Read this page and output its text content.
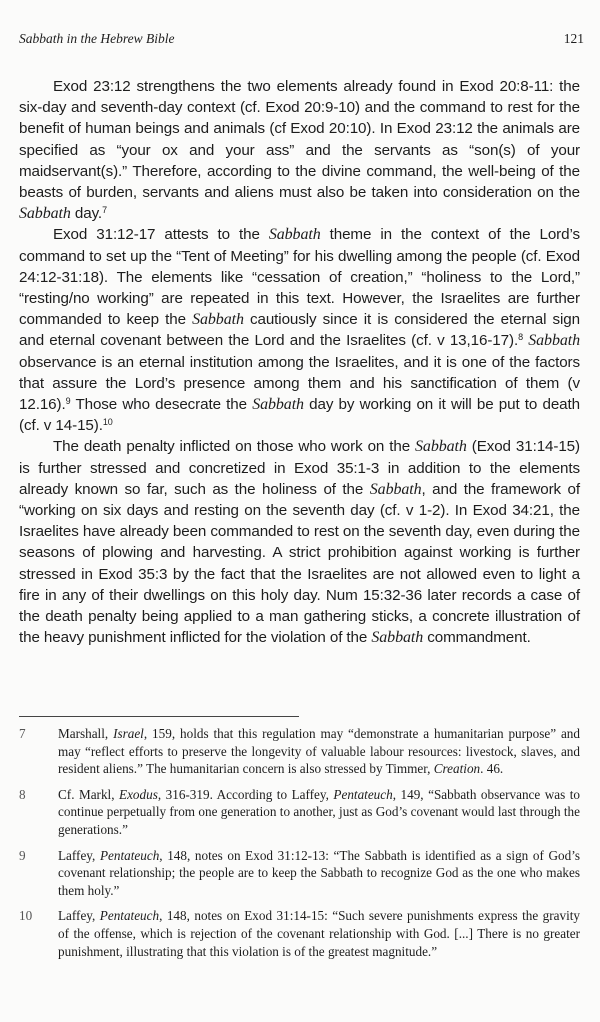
Sabbath in the Hebrew Bible	121

Exod 23:12 strengthens the two elements already found in Exod 20:8-11: the six-day and seventh-day context (cf. Exod 20:9-10) and the command to rest for the benefit of human beings and animals (cf Exod 20:10). In Exod 23:12 the animals are specified as “your ox and your ass” and the servants as “son(s) of your maidservant(s).” Therefore, according to the divine command, the well-being of the beasts of burden, servants and aliens must also be taken into consideration on the Sabbath day.$^7$

Exod 31:12-17 attests to the Sabbath theme in the context of the Lord’s command to set up the “Tent of Meeting” for his dwelling among the people (cf. Exod 24:12-31:18). The elements like “cessation of creation,” “holiness to the Lord,” “resting/no working” are repeated in this text. However, the Israelites are further commanded to keep the Sabbath cautiously since it is considered the eternal sign and eternal covenant between the Lord and the Israelites (cf. v 13,16-17).$^8$ Sabbath observance is an eternal institution among the Israelites, and it is one of the factors that assure the Lord’s presence among them and his sanctification of them (v 12.16).$^9$ Those who desecrate the Sabbath day by working on it will be put to death (cf. v 14-15).$^{10}$

The death penalty inflicted on those who work on the Sabbath (Exod 31:14-15) is further stressed and concretized in Exod 35:1-3 in addition to the elements already known so far, such as the holiness of the Sabbath, and the framework of “working on six days and resting on the seventh day (cf. v 1-2). In Exod 34:21, the Israelites have already been commanded to rest on the seventh day, even during the seasons of plowing and harvesting. A strict prohibition against working is further stressed in Exod 35:3 by the fact that the Israelites are not allowed even to light a fire in any of their dwellings on this holy day. Num 15:32-36 later records a case of the death penalty being applied to a man gathering sticks, a concrete illustration of the heavy punishment inflicted for the violation of the Sabbath commandment.

7	Marshall, Israel, 159, holds that this regulation may “demonstrate a humanitarian purpose” and may “reflect efforts to preserve the longevity of valuable labour resources: livestock, slaves, and resident aliens.” The humanitarian concern is also stressed by Timmer, Creation. 46.
8	Cf. Markl, Exodus, 316-319. According to Laffey, Pentateuch, 149, “Sabbath observance was to continue perpetually from one generation to another, just as God’s covenant would last through the generations.”
9	Laffey, Pentateuch, 148, notes on Exod 31:12-13: “The Sabbath is identified as a sign of God’s covenant relationship; the people are to keep the Sabbath to recognize God as the one who makes them holy.”
10	Laffey, Pentateuch, 148, notes on Exod 31:14-15: “Such severe punishments express the gravity of the offense, which is rejection of the covenant relationship with God. [...] There is no greater punishment, illustrating that this violation is of the greatest magnitude.”
